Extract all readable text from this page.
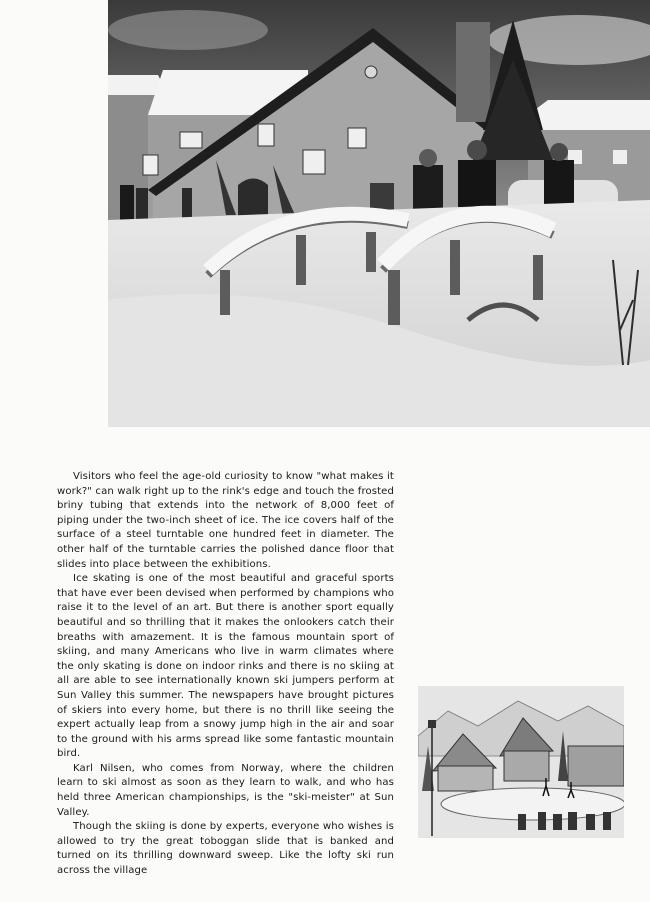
Visitors who feel the age-old curiosity to know "what makes it work?" can walk right up to the rink's edge and touch the frosted briny tubing that extends into the network of 8,000 feet of piping under the two-inch sheet of ice. The ice covers half of the surface of a steel turntable one hundred feet in diameter. The other half of the turntable carries the polished dance floor that slides into place between the exhibitions.

Ice skating is one of the most beautiful and graceful sports that have ever been devised when performed by champions who raise it to the level of an art. But there is another sport equally beautiful and so thrilling that it makes the onlookers catch their breaths with amazement. It is the famous mountain sport of skiing, and many Americans who live in warm climates where the only skating is done on indoor rinks and there is no skiing at all are able to see internationally known ski jumpers perform at Sun Valley this summer. The newspapers have brought pictures of skiers into every home, but there is no thrill like seeing the expert actually leap from a snowy jump high in the air and soar to the ground with his arms spread like some fantastic mountain bird.

Karl Nilsen, who comes from Norway, where the children learn to ski almost as soon as they learn to walk, and who has held three American championships, is the "ski-meister" at Sun Valley.

Though the skiing is done by experts, everyone who wishes is allowed to try the great toboggan slide that is banked and turned on its thrilling downward sweep. Like the lofty ski run across the village
